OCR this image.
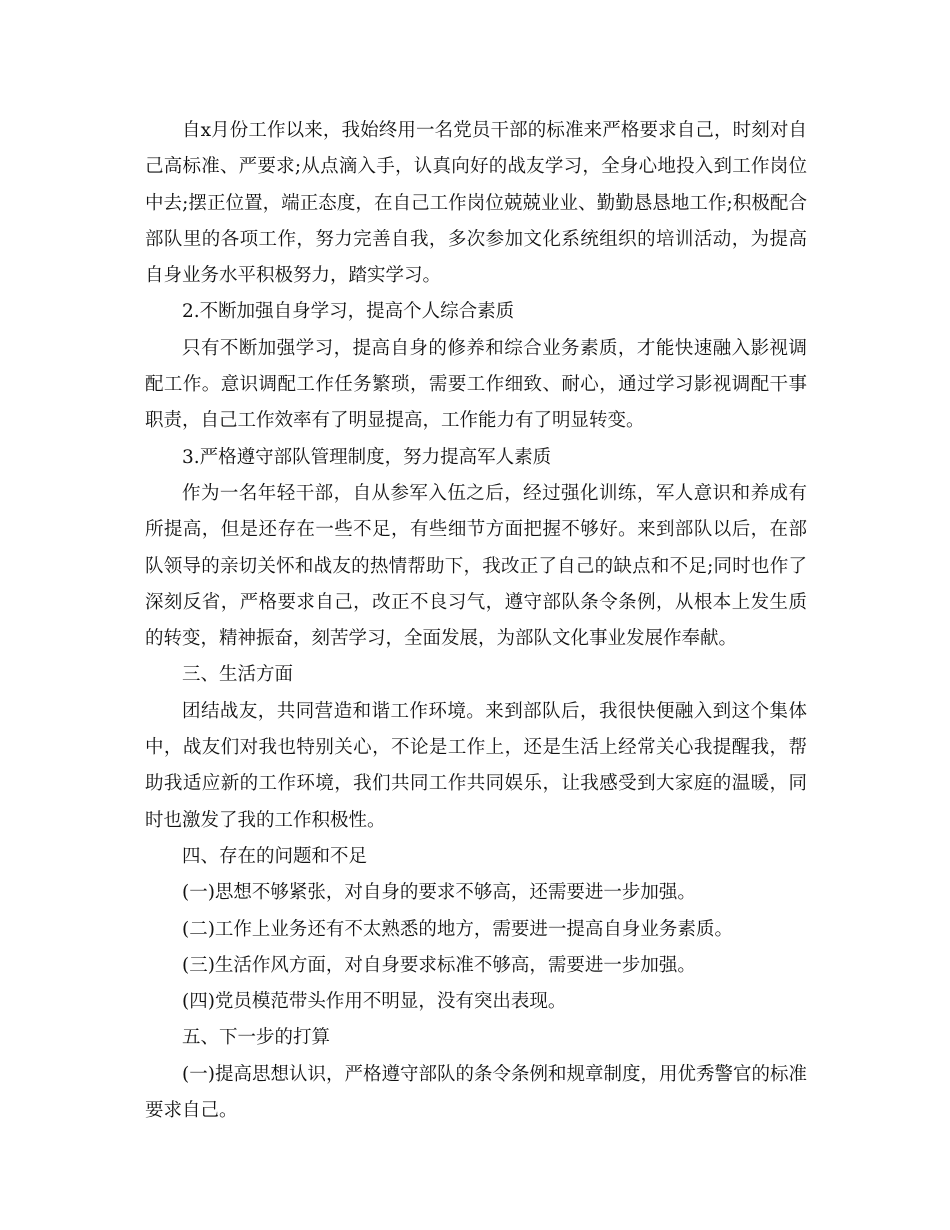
自x月份工作以来，我始终用一名党员干部的标准来严格要求自己，时刻对自己高标准、严要求;从点滴入手，认真向好的战友学习，全身心地投入到工作岗位中去;摆正位置，端正态度，在自己工作岗位兢兢业业、勤勤恳恳地工作;积极配合部队里的各项工作，努力完善自我，多次参加文化系统组织的培训活动，为提高自身业务水平积极努力，踏实学习。

2.不断加强自身学习，提高个人综合素质

只有不断加强学习，提高自身的修养和综合业务素质，才能快速融入影视调配工作。意识调配工作任务繁琐，需要工作细致、耐心，通过学习影视调配干事职责，自己工作效率有了明显提高，工作能力有了明显转变。

3.严格遵守部队管理制度，努力提高军人素质

作为一名年轻干部，自从参军入伍之后，经过强化训练，军人意识和养成有所提高，但是还存在一些不足，有些细节方面把握不够好。来到部队以后，在部队领导的亲切关怀和战友的热情帮助下，我改正了自己的缺点和不足;同时也作了深刻反省，严格要求自己，改正不良习气，遵守部队条令条例，从根本上发生质的转变，精神振奋，刻苦学习，全面发展，为部队文化事业发展作奉献。

三、生活方面

团结战友，共同营造和谐工作环境。来到部队后，我很快便融入到这个集体中，战友们对我也特别关心，不论是工作上，还是生活上经常关心我提醒我，帮助我适应新的工作环境，我们共同工作共同娱乐，让我感受到大家庭的温暖，同时也激发了我的工作积极性。

四、存在的问题和不足

(一)思想不够紧张，对自身的要求不够高，还需要进一步加强。

(二)工作上业务还有不太熟悉的地方，需要进一提高自身业务素质。

(三)生活作风方面，对自身要求标准不够高，需要进一步加强。

(四)党员模范带头作用不明显，没有突出表现。

五、下一步的打算

(一)提高思想认识，严格遵守部队的条令条例和规章制度，用优秀警官的标准要求自己。
